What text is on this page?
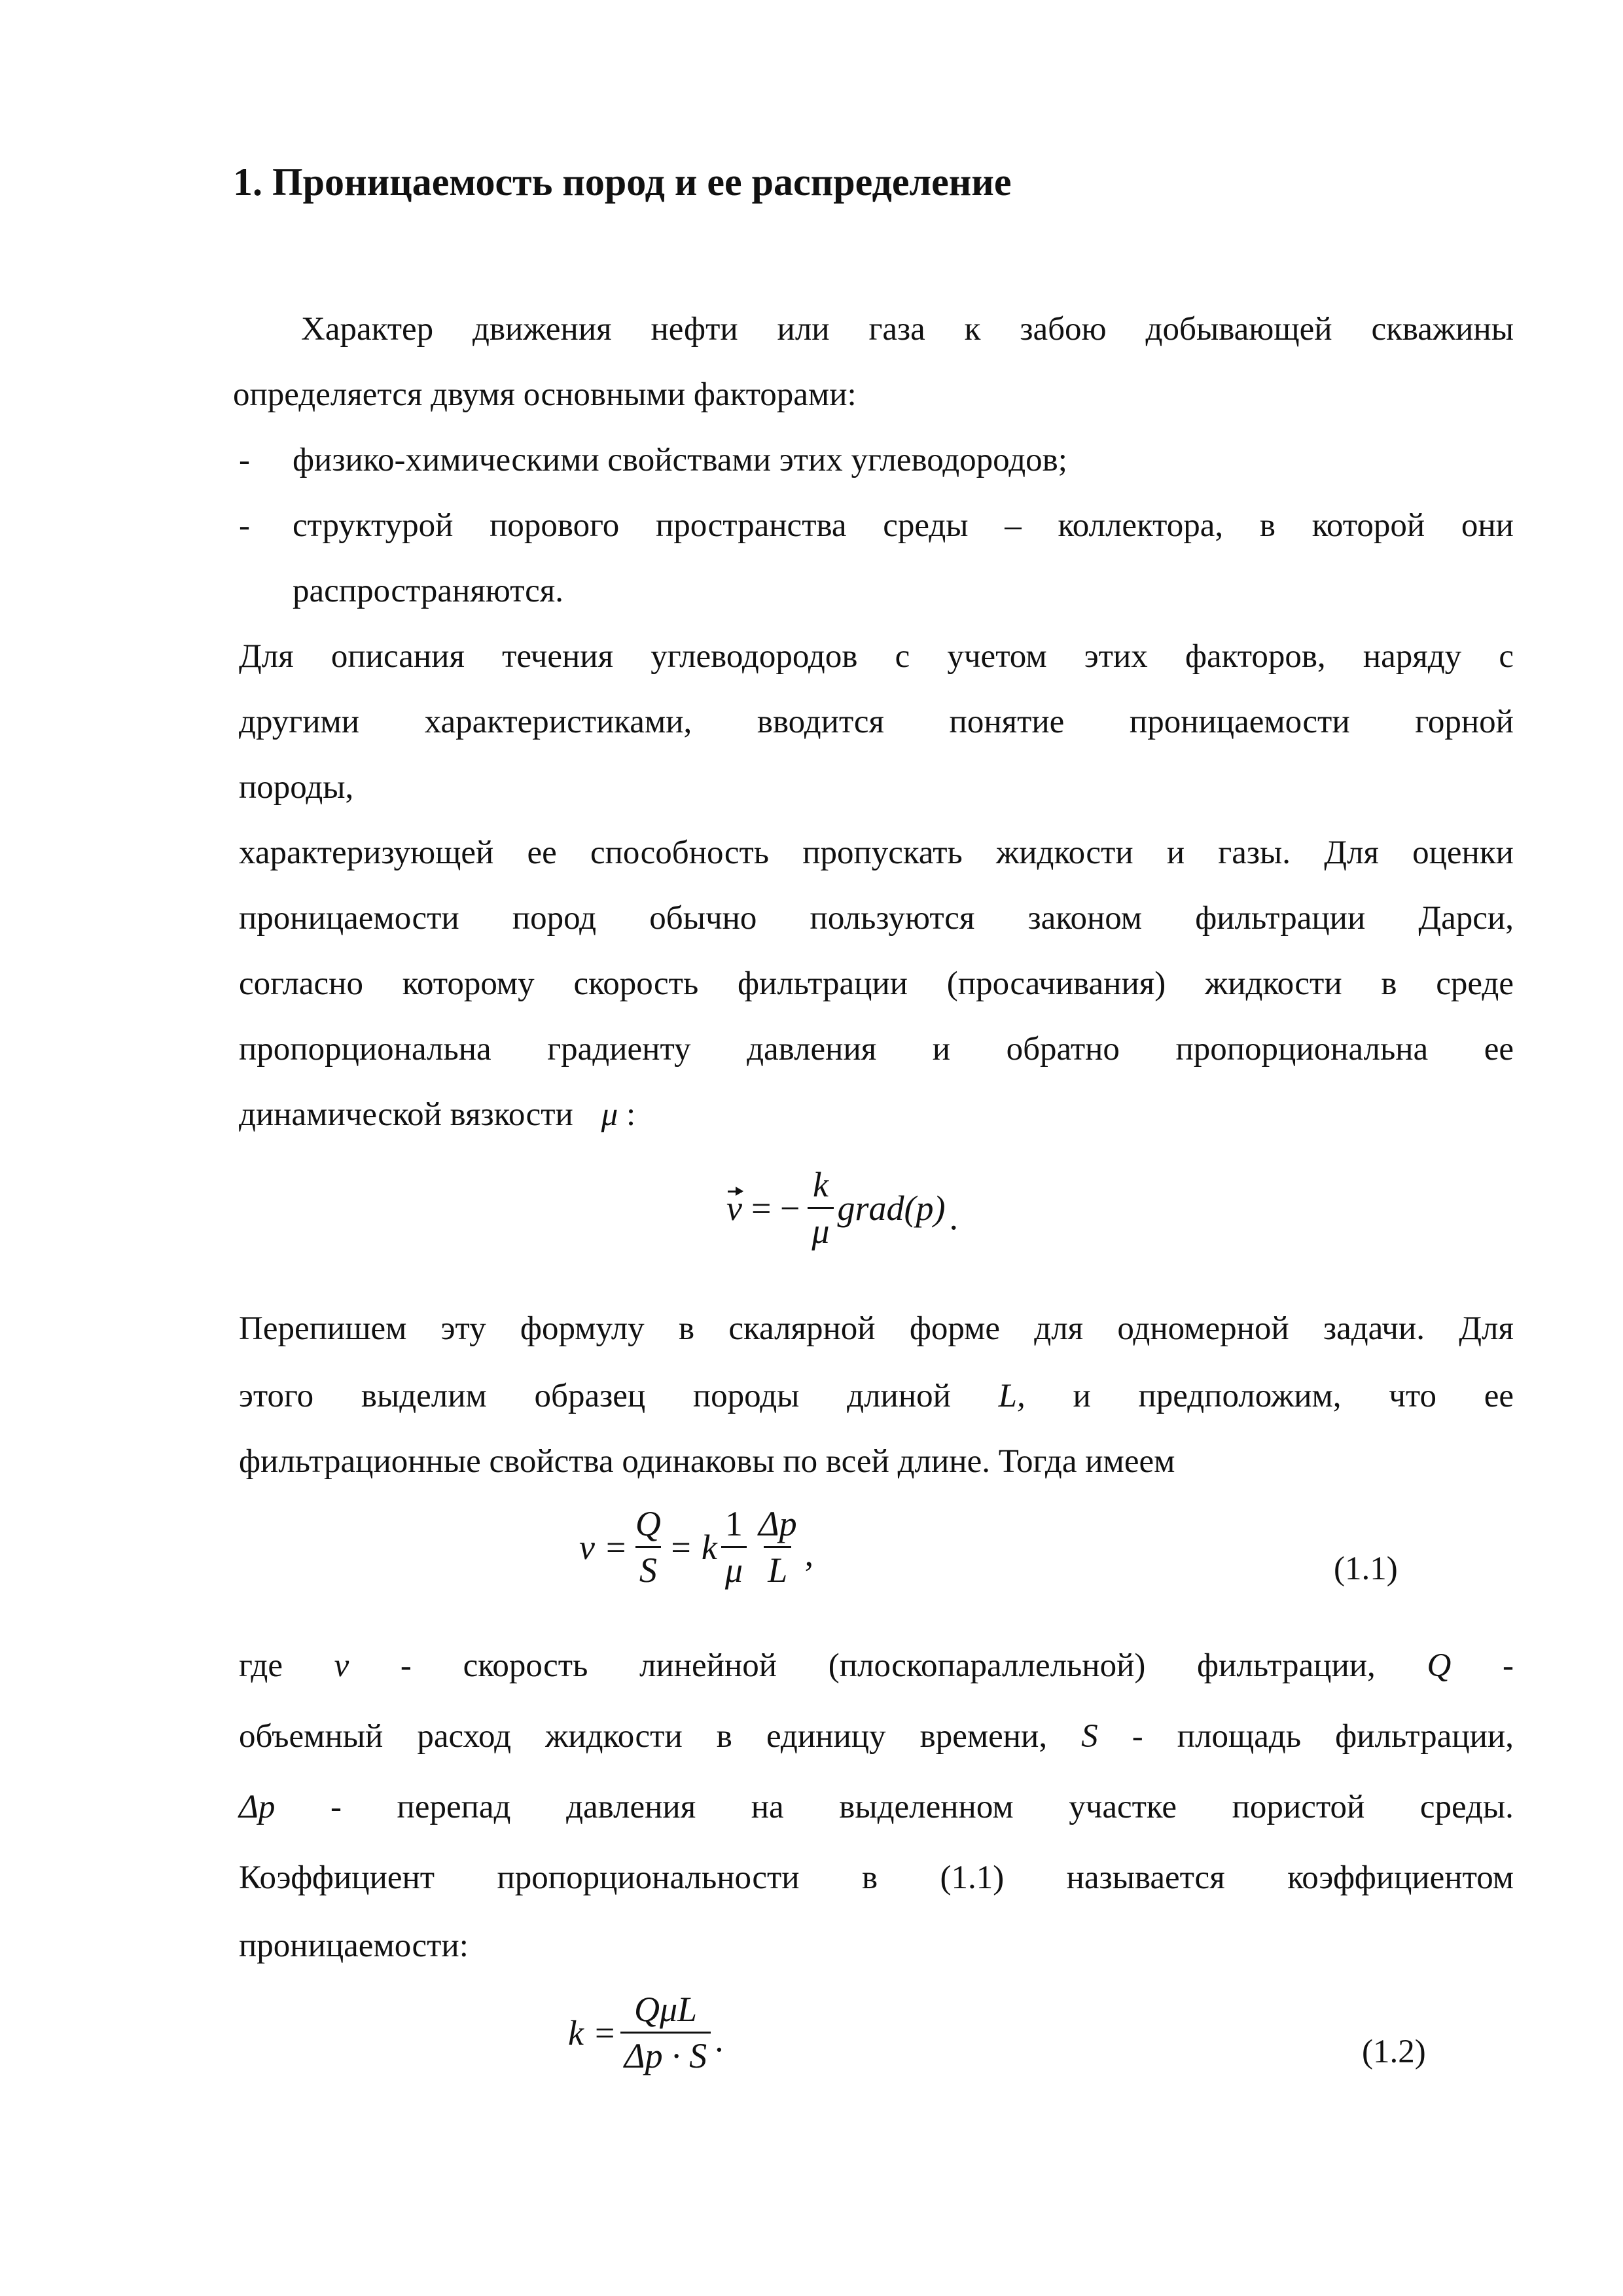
1. Проницаемость пород и ее распределение
Характер движения нефти или газа к забою добывающей скважины
определяется двумя основными факторами:
- физико-химическими свойствами этих углеводородов;
- структурой порового пространства среды – коллектора, в которой они
распространяются.
Для описания течения углеводородов с учетом этих факторов, наряду с
другими характеристиками, вводится понятие проницаемости горной
породы,
характеризующей ее способность пропускать жидкости и газы. Для оценки
проницаемости пород обычно пользуются законом фильтрации Дарси,
согласно которому скорость фильтрации (просачивания) жидкости в среде
пропорциональна градиенту давления и обратно пропорциональна ее
динамической вязкости μ :
v = − $\frac{k}{\mu}$ grad(p) .
Перепишем эту формулу в скалярной форме для одномерной задачи. Для
этого выделим образец породы длиной L, и предположим, что ее
фильтрационные свойства одинаковы по всей длине. Тогда имеем
$v = \frac{Q}{S} = k \frac{1}{\mu} \frac{\Delta p}{L}$ ,	(1.1)
где v - скорость линейной (плоскопараллельной) фильтрации, Q -
объемный расход жидкости в единицу времени, S - площадь фильтрации,
Δp - перепад давления на выделенном участке пористой среды.
Коэффициент пропорциональности в (1.1) называется коэффициентом
проницаемости:
$k = \frac{\text{QμL}}{\Delta p \cdot S}$ .	(1.2)
